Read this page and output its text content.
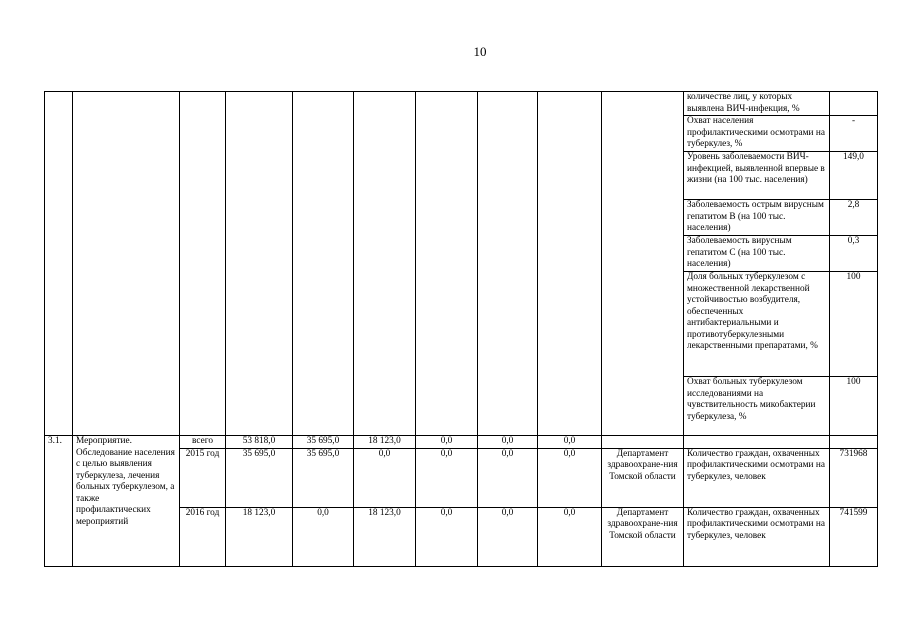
10
										количестве лиц, у которых выявлена ВИЧ-инфекция, %	
										Охват населения профилактическими осмотрами на туберкулез, %	-
										Уровень заболеваемости ВИЧ-инфекцией, выявленной впервые в жизни (на 100 тыс. населения)	149,0
										Заболеваемость острым вирусным гепатитом В (на 100 тыс. населения)	2,8
										Заболеваемость вирусным гепатитом С (на 100 тыс. населения)	0,3
										Доля больных туберкулезом с множественной лекарственной устойчивостью возбудителя, обеспеченных антибактериальными и противотуберкулезными лекарственными препаратами, %	100
										Охват больных туберкулезом исследованиями на чувствительность микобактерии туберкулеза, %	100
3.1.	Мероприятие. Обследование населения с целью выявления туберкулеза, лечения больных туберкулезом, а также профилактических мероприятий	всего	53 818,0	35 695,0	18 123,0	0,0	0,0	0,0			
		2015 год	35 695,0	35 695,0	0,0	0,0	0,0	0,0	Департамент здравоохране-ния Томской области	Количество граждан, охваченных профилактическими осмотрами на туберкулез, человек	731968
		2016 год	18 123,0	0,0	18 123,0	0,0	0,0	0,0	Департамент здравоохране-ния Томской области	Количество граждан, охваченных профилактическими осмотрами на туберкулез, человек	741599
